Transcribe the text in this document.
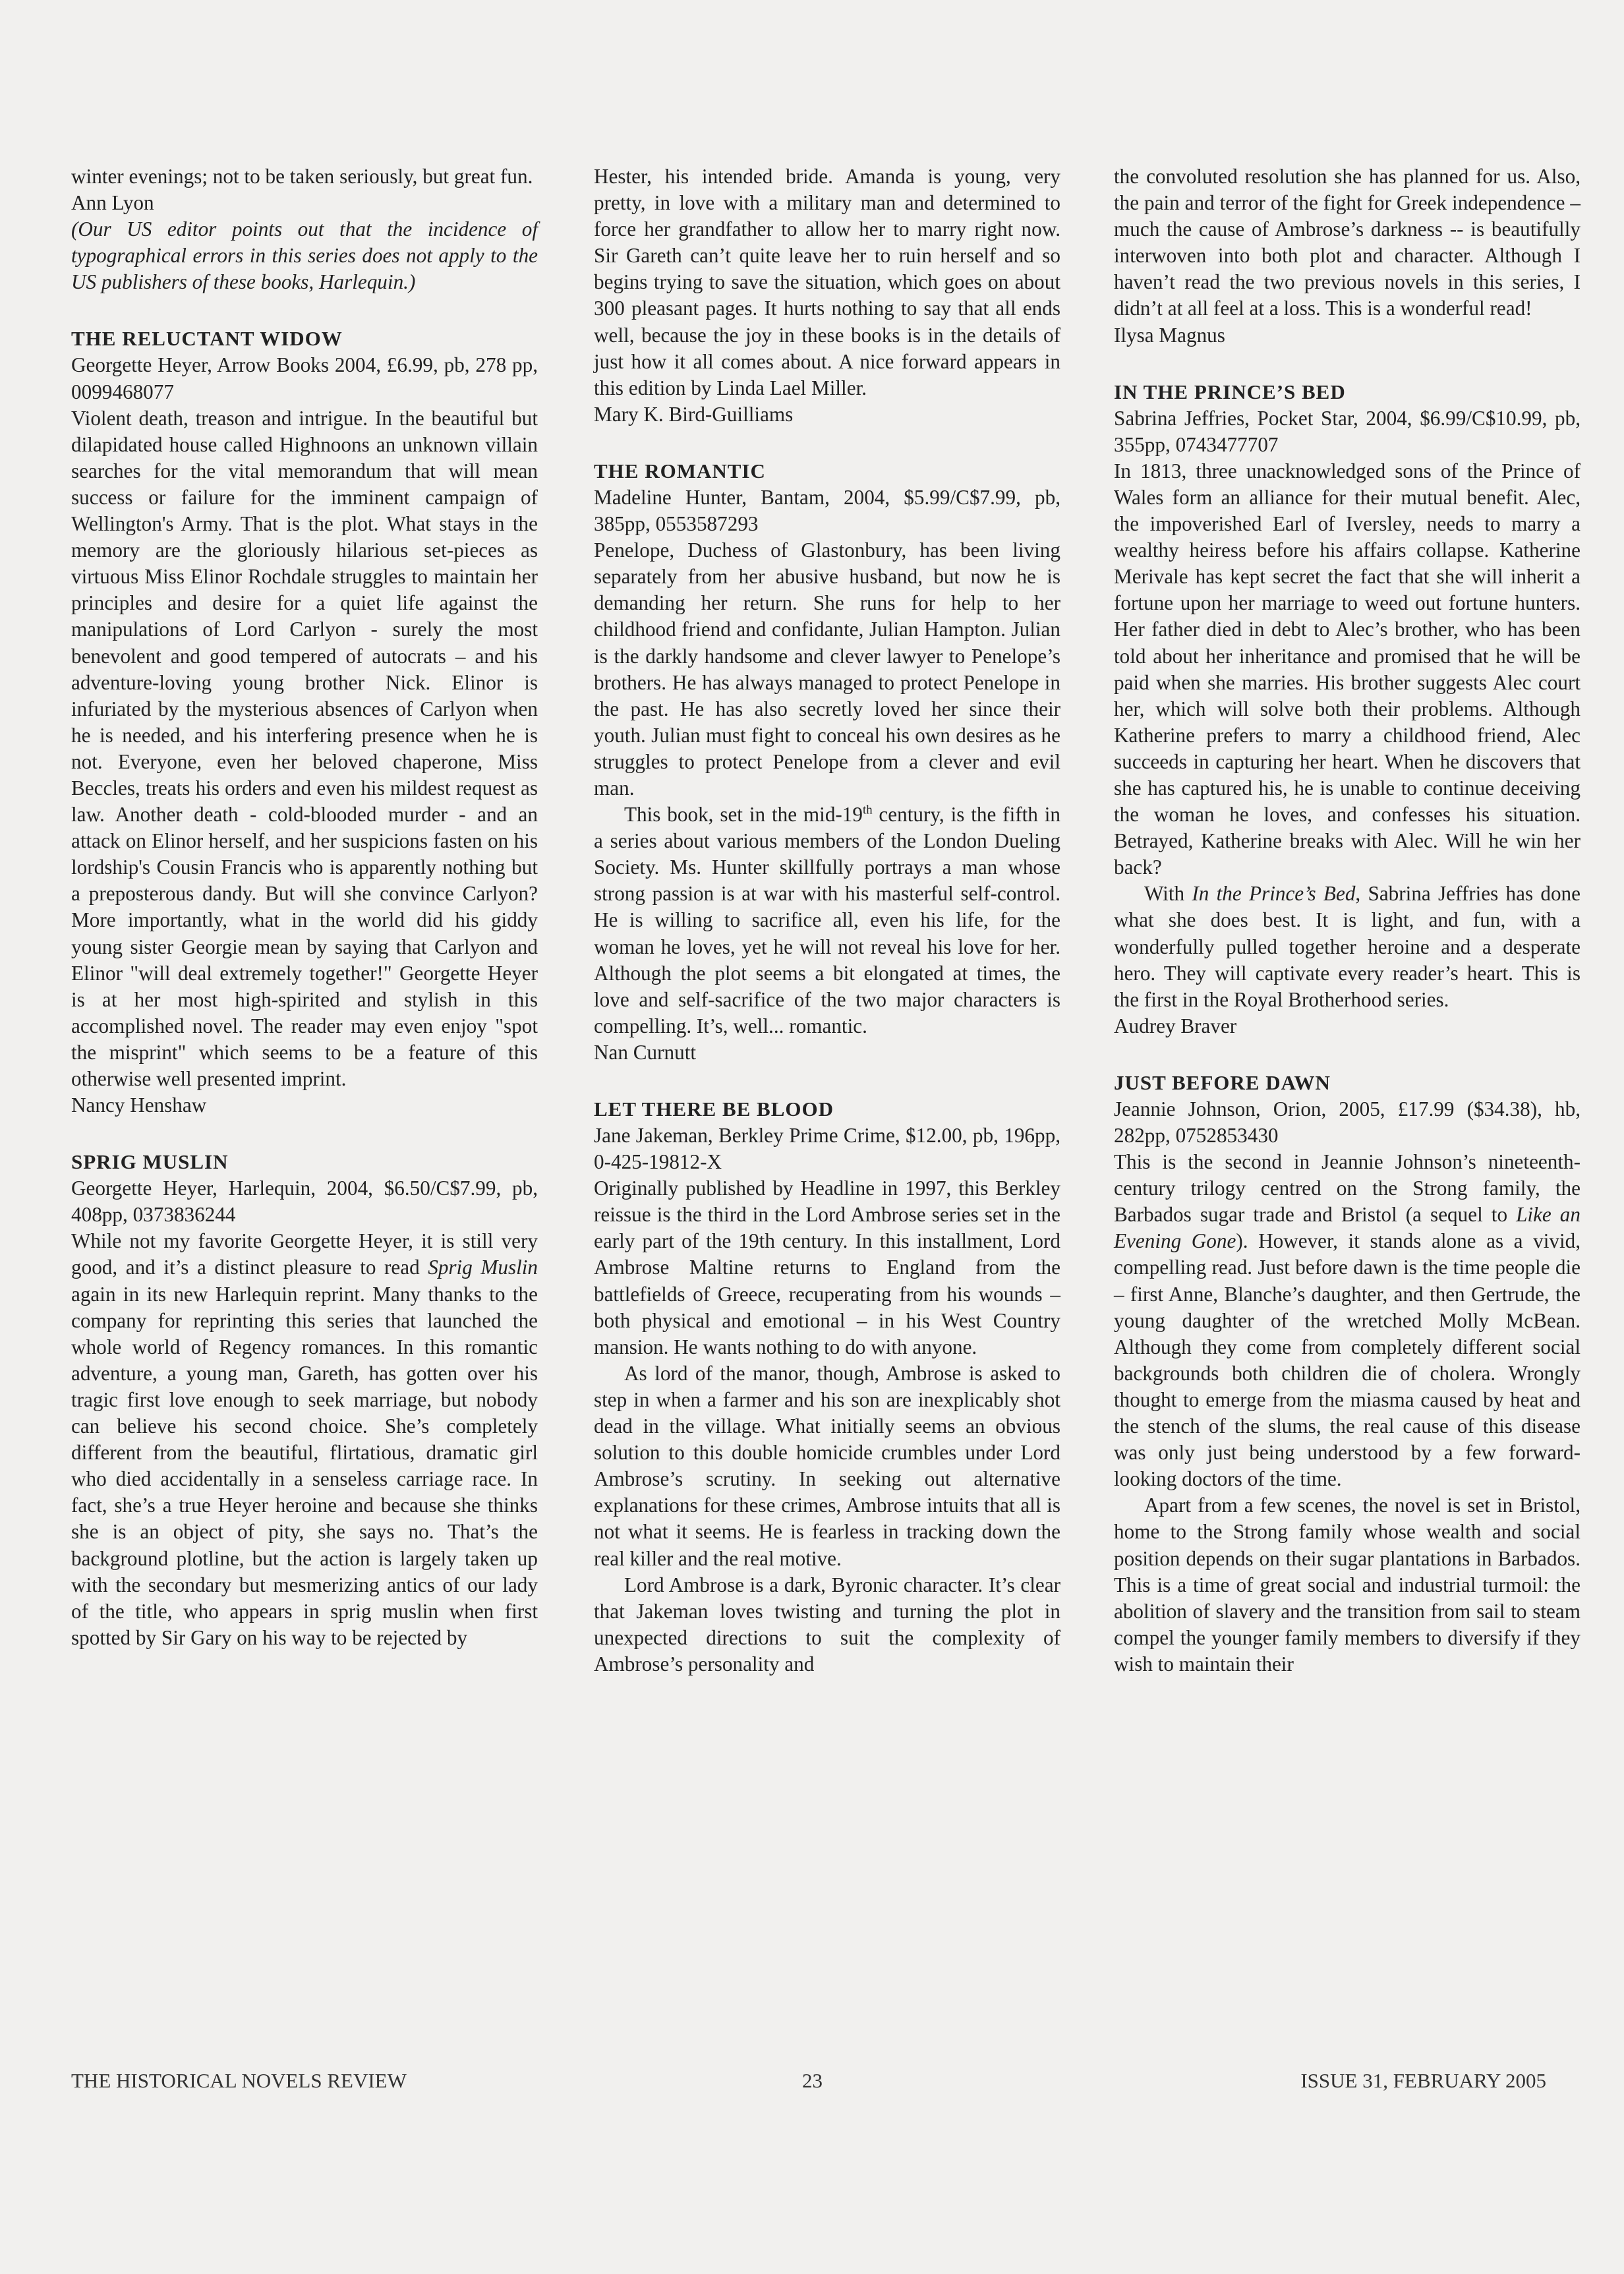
winter evenings; not to be taken seriously, but great fun.

Ann Lyon

(Our US editor points out that the incidence of typographical errors in this series does not apply to the US publishers of these books, Harlequin.)

THE RELUCTANT WIDOW

Georgette Heyer, Arrow Books 2004, £6.99, pb, 278 pp, 0099468077

Violent death, treason and intrigue. In the beautiful but dilapidated house called Highnoons an unknown villain searches for the vital memorandum that will mean success or failure for the imminent campaign of Wellington's Army. That is the plot. What stays in the memory are the gloriously hilarious set-pieces as virtuous Miss Elinor Rochdale struggles to maintain her principles and desire for a quiet life against the manipulations of Lord Carlyon - surely the most benevolent and good tempered of autocrats – and his adventure-loving young brother Nick. Elinor is infuriated by the mysterious absences of Carlyon when he is needed, and his interfering presence when he is not. Everyone, even her beloved chaperone, Miss Beccles, treats his orders and even his mildest request as law. Another death - cold-blooded murder - and an attack on Elinor herself, and her suspicions fasten on his lordship's Cousin Francis who is apparently nothing but a preposterous dandy. But will she convince Carlyon? More importantly, what in the world did his giddy young sister Georgie mean by saying that Carlyon and Elinor "will deal extremely together!" Georgette Heyer is at her most high-spirited and stylish in this accomplished novel. The reader may even enjoy "spot the misprint" which seems to be a feature of this otherwise well presented imprint.

Nancy Henshaw
SPRIG MUSLIN

Georgette Heyer, Harlequin, 2004, $6.50/C$7.99, pb, 408pp, 0373836244

While not my favorite Georgette Heyer, it is still very good, and it’s a distinct pleasure to read Sprig Muslin again in its new Harlequin reprint. Many thanks to the company for reprinting this series that launched the whole world of Regency romances. In this romantic adventure, a young man, Gareth, has gotten over his tragic first love enough to seek marriage, but nobody can believe his second choice. She’s completely different from the beautiful, flirtatious, dramatic girl who died accidentally in a senseless carriage race. In fact, she’s a true Heyer heroine and because she thinks she is an object of pity, she says no. That’s the background plotline, but the action is largely taken up with the secondary but mesmerizing antics of our lady of the title, who appears in sprig muslin when first spotted by Sir Gary on his way to be rejected by

Hester, his intended bride. Amanda is young, very pretty, in love with a military man and determined to force her grandfather to allow her to marry right now. Sir Gareth can’t quite leave her to ruin herself and so begins trying to save the situation, which goes on about 300 pleasant pages. It hurts nothing to say that all ends well, because the joy in these books is in the details of just how it all comes about. A nice forward appears in this edition by Linda Lael Miller.

Mary K. Bird-Guilliams
THE ROMANTIC

Madeline Hunter, Bantam, 2004, $5.99/C$7.99, pb, 385pp, 0553587293

Penelope, Duchess of Glastonbury, has been living separately from her abusive husband, but now he is demanding her return. She runs for help to her childhood friend and confidante, Julian Hampton. Julian is the darkly handsome and clever lawyer to Penelope’s brothers. He has always managed to protect Penelope in the past. He has also secretly loved her since their youth. Julian must fight to conceal his own desires as he struggles to protect Penelope from a clever and evil man.

This book, set in the mid-19th century, is the fifth in a series about various members of the London Dueling Society. Ms. Hunter skillfully portrays a man whose strong passion is at war with his masterful self-control. He is willing to sacrifice all, even his life, for the woman he loves, yet he will not reveal his love for her. Although the plot seems a bit elongated at times, the love and self-sacrifice of the two major characters is compelling. It’s, well... romantic.

Nan Curnutt
LET THERE BE BLOOD

Jane Jakeman, Berkley Prime Crime, $12.00, pb, 196pp, 0-425-19812-X

Originally published by Headline in 1997, this Berkley reissue is the third in the Lord Ambrose series set in the early part of the 19th century. In this installment, Lord Ambrose Maltine returns to England from the battlefields of Greece, recuperating from his wounds – both physical and emotional – in his West Country mansion. He wants nothing to do with anyone.

As lord of the manor, though, Ambrose is asked to step in when a farmer and his son are inexplicably shot dead in the village. What initially seems an obvious solution to this double homicide crumbles under Lord Ambrose’s scrutiny. In seeking out alternative explanations for these crimes, Ambrose intuits that all is not what it seems. He is fearless in tracking down the real killer and the real motive.

Lord Ambrose is a dark, Byronic character. It’s clear that Jakeman loves twisting and turning the plot in unexpected directions to suit the complexity of Ambrose’s personality and

the convoluted resolution she has planned for us. Also, the pain and terror of the fight for Greek independence – much the cause of Ambrose’s darkness -- is beautifully interwoven into both plot and character. Although I haven’t read the two previous novels in this series, I didn’t at all feel at a loss. This is a wonderful read!

Ilysa Magnus
IN THE PRINCE’S BED

Sabrina Jeffries, Pocket Star, 2004, $6.99/C$10.99, pb, 355pp, 0743477707

In 1813, three unacknowledged sons of the Prince of Wales form an alliance for their mutual benefit. Alec, the impoverished Earl of Iversley, needs to marry a wealthy heiress before his affairs collapse. Katherine Merivale has kept secret the fact that she will inherit a fortune upon her marriage to weed out fortune hunters. Her father died in debt to Alec’s brother, who has been told about her inheritance and promised that he will be paid when she marries. His brother suggests Alec court her, which will solve both their problems. Although Katherine prefers to marry a childhood friend, Alec succeeds in capturing her heart. When he discovers that she has captured his, he is unable to continue deceiving the woman he loves, and confesses his situation. Betrayed, Katherine breaks with Alec. Will he win her back?

With In the Prince’s Bed, Sabrina Jeffries has done what she does best. It is light, and fun, with a wonderfully pulled together heroine and a desperate hero. They will captivate every reader’s heart. This is the first in the Royal Brotherhood series.

Audrey Braver
JUST BEFORE DAWN

Jeannie Johnson, Orion, 2005, £17.99 ($34.38), hb, 282pp, 0752853430

This is the second in Jeannie Johnson’s nineteenth-century trilogy centred on the Strong family, the Barbados sugar trade and Bristol (a sequel to Like an Evening Gone). However, it stands alone as a vivid, compelling read. Just before dawn is the time people die – first Anne, Blanche’s daughter, and then Gertrude, the young daughter of the wretched Molly McBean. Although they come from completely different social backgrounds both children die of cholera. Wrongly thought to emerge from the miasma caused by heat and the stench of the slums, the real cause of this disease was only just being understood by a few forward-looking doctors of the time.

Apart from a few scenes, the novel is set in Bristol, home to the Strong family whose wealth and social position depends on their sugar plantations in Barbados. This is a time of great social and industrial turmoil: the abolition of slavery and the transition from sail to steam compel the younger family members to diversify if they wish to maintain their

THE HISTORICAL NOVELS REVIEW	23	ISSUE 31, FEBRUARY 2005
